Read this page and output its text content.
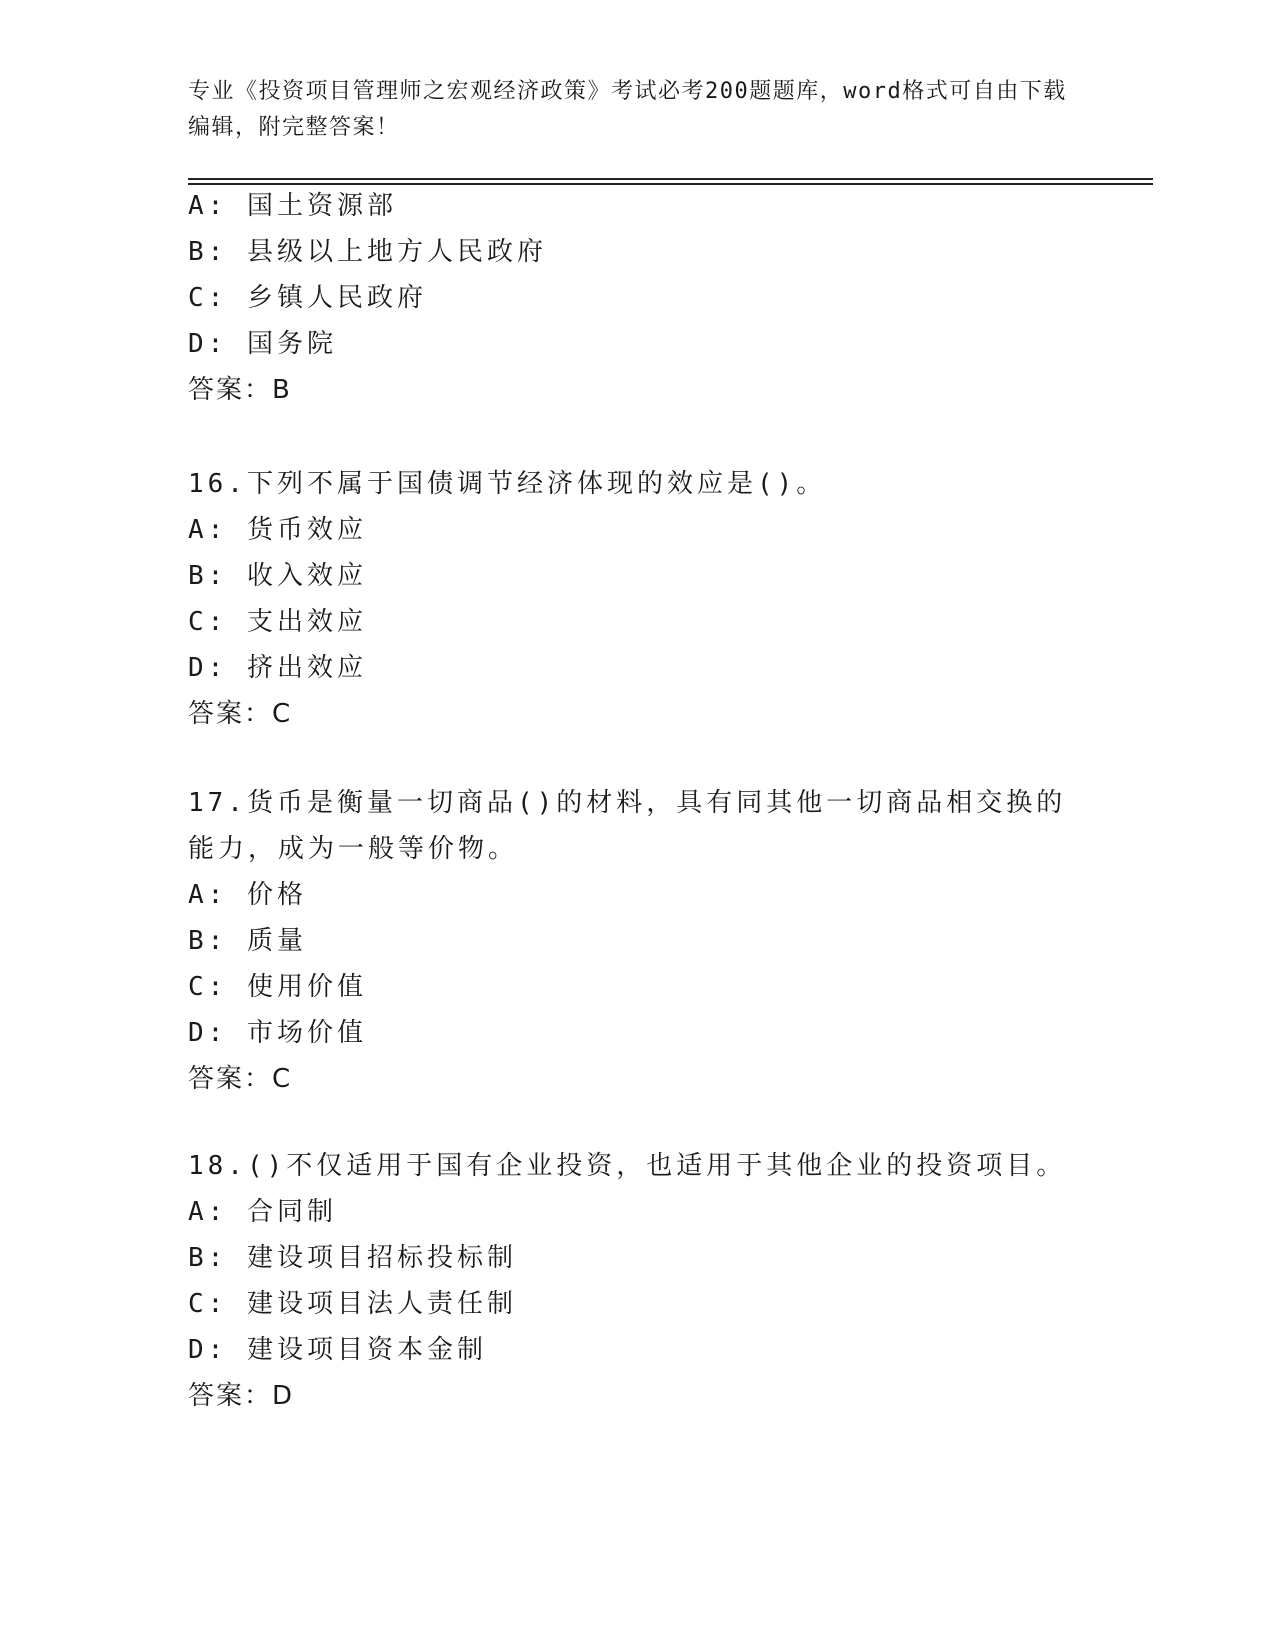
专业《投资项目管理师之宏观经济政策》考试必考200题题库，word格式可自由下载编辑，附完整答案！
A: 国土资源部
B: 县级以上地方人民政府
C: 乡镇人民政府
D: 国务院
答案：B
16.下列不属于国债调节经济体现的效应是()。
A: 货币效应
B: 收入效应
C: 支出效应
D: 挤出效应
答案：C
17.货币是衡量一切商品()的材料，具有同其他一切商品相交换的能力，成为一般等价物。
A: 价格
B: 质量
C: 使用价值
D: 市场价值
答案：C
18.()不仅适用于国有企业投资，也适用于其他企业的投资项目。
A: 合同制
B: 建设项目招标投标制
C: 建设项目法人责任制
D: 建设项目资本金制
答案：D
